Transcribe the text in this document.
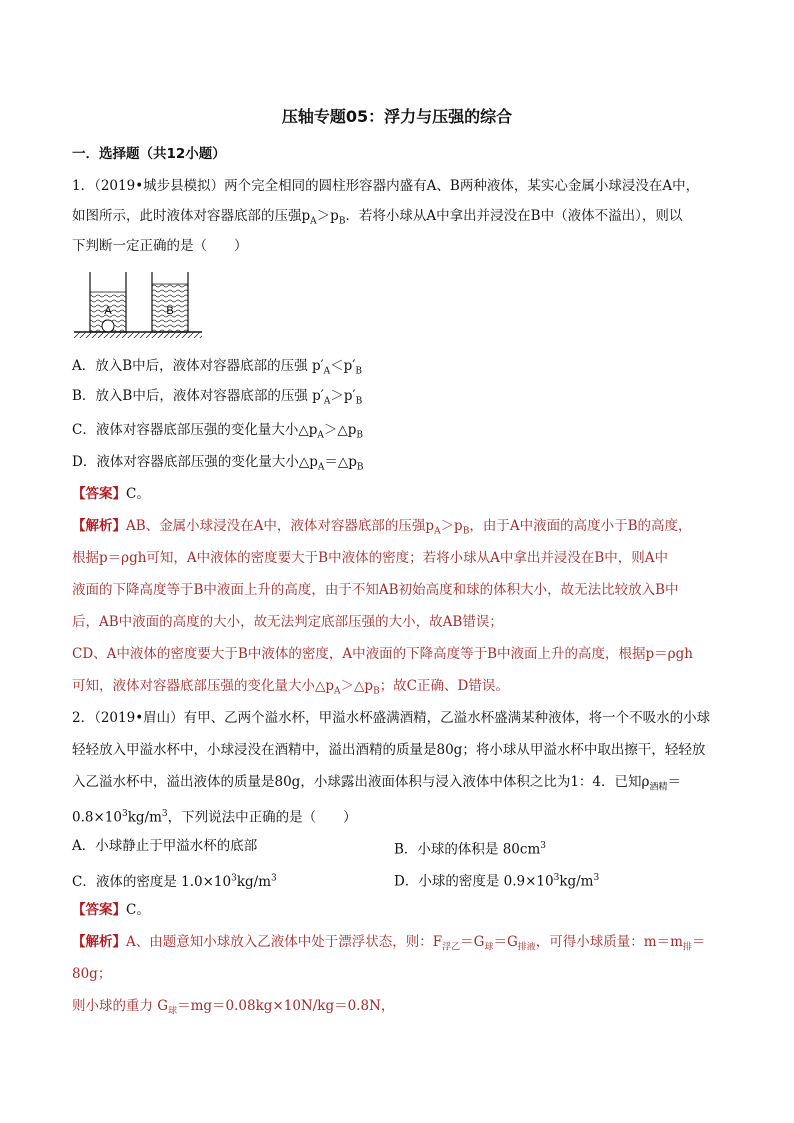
压轴专题05：浮力与压强的综合
一．选择题（共12小题）
1．（2019•城步县模拟）两个完全相同的圆柱形容器内盛有A、B两种液体，某实心金属小球浸没在A中，
如图所示，此时液体对容器底部的压强$p_A>p_B$．若将小球从A中拿出并浸没在B中（液体不溢出），则以
下判断一定正确的是（　　）
A	B
A．放入B中后，液体对容器底部的压强 $p'_A<p'_B$
B．放入B中后，液体对容器底部的压强 $p'_A>p'_B$
C．液体对容器底部压强的变化量大小$\triangle p_A>\triangle p_B$
D．液体对容器底部压强的变化量大小$\triangle p_A=\triangle p_B$
【答案】C。
【解析】AB、金属小球浸没在A中，液体对容器底部的压强$p_A>p_B$，由于A中液面的高度小于B的高度，
根据p＝ρgh可知，A中液体的密度要大于B中液体的密度；若将小球从A中拿出并浸没在B中，则A中
液面的下降高度等于B中液面上升的高度，由于不知AB初始高度和球的体积大小，故无法比较放入B中
后，AB中液面的高度的大小，故无法判定底部压强的大小，故AB错误；
CD、A中液体的密度要大于B中液体的密度，A中液面的下降高度等于B中液面上升的高度，根据p＝ρgh
可知，液体对容器底部压强的变化量大小$\triangle p_A>\triangle p_B$；故C正确、D错误。
2．（2019•眉山）有甲、乙两个溢水杯，甲溢水杯盛满酒精，乙溢水杯盛满某种液体，将一个不吸水的小球
轻轻放入甲溢水杯中，小球浸没在酒精中，溢出酒精的质量是80g；将小球从甲溢水杯中取出擦干，轻轻放
入乙溢水杯中，溢出液体的质量是80g，小球露出液面体积与浸入液体中体积之比为1：4．已知$\rho_{酒精}=$
$0.8\times 10^3kg/m^3$，下列说法中正确的是（　　）
A．小球静止于甲溢水杯的底部	B．小球的体积是 $80cm^3$
C．液体的密度是 $1.0\times 10^3kg/m^3$	D．小球的密度是 $0.9\times 10^3kg/m^3$
【答案】C。
【解析】A、由题意知小球放入乙液体中处于漂浮状态，则：$F_{浮乙}=G_球=G_{排液}$，可得小球质量：$m=m_排=$
80g；
则小球的重力 $G_球=mg=0.08kg\times 10N/kg=0.8N$，
